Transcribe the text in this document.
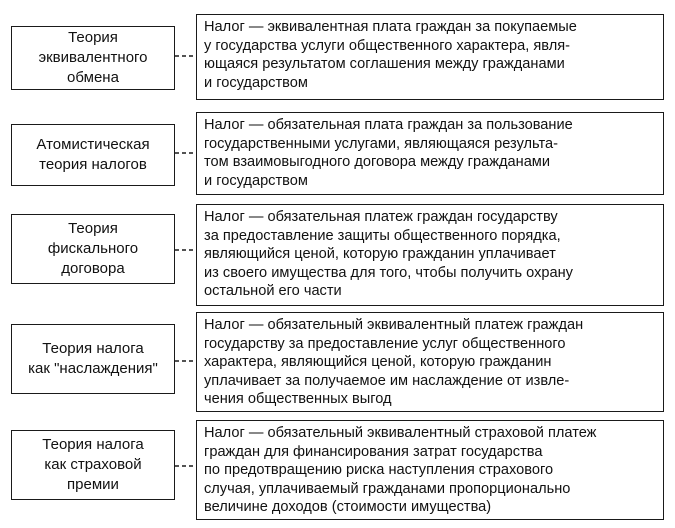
Теория
эквивалентного
обмена
Налог — эквивалентная плата граждан за покупаемые
у государства услуги общественного характера, явля-
ющаяся результатом соглашения между гражданами
и государством
Атомистическая
теория налогов
Налог — обязательная плата граждан за пользование
государственными услугами, являющаяся результа-
том взаимовыгодного договора между гражданами
и государством
Теория
фискального
договора
Налог — обязательная платеж граждан государству
за предоставление защиты общественного порядка,
являющийся ценой, которую гражданин уплачивает
из своего имущества для того, чтобы получить охрану
остальной его части
Теория налога
как "наслаждения"
Налог — обязательный эквивалентный платеж граждан
государству за предоставление услуг общественного
характера, являющийся ценой, которую гражданин
уплачивает за получаемое им наслаждение от извле-
чения общественных выгод
Теория налога
как страховой
премии
Налог — обязательный эквивалентный страховой платеж
граждан для финансирования затрат государства
по предотвращению риска наступления страхового
случая, уплачиваемый гражданами пропорционально
величине доходов (стоимости имущества)
